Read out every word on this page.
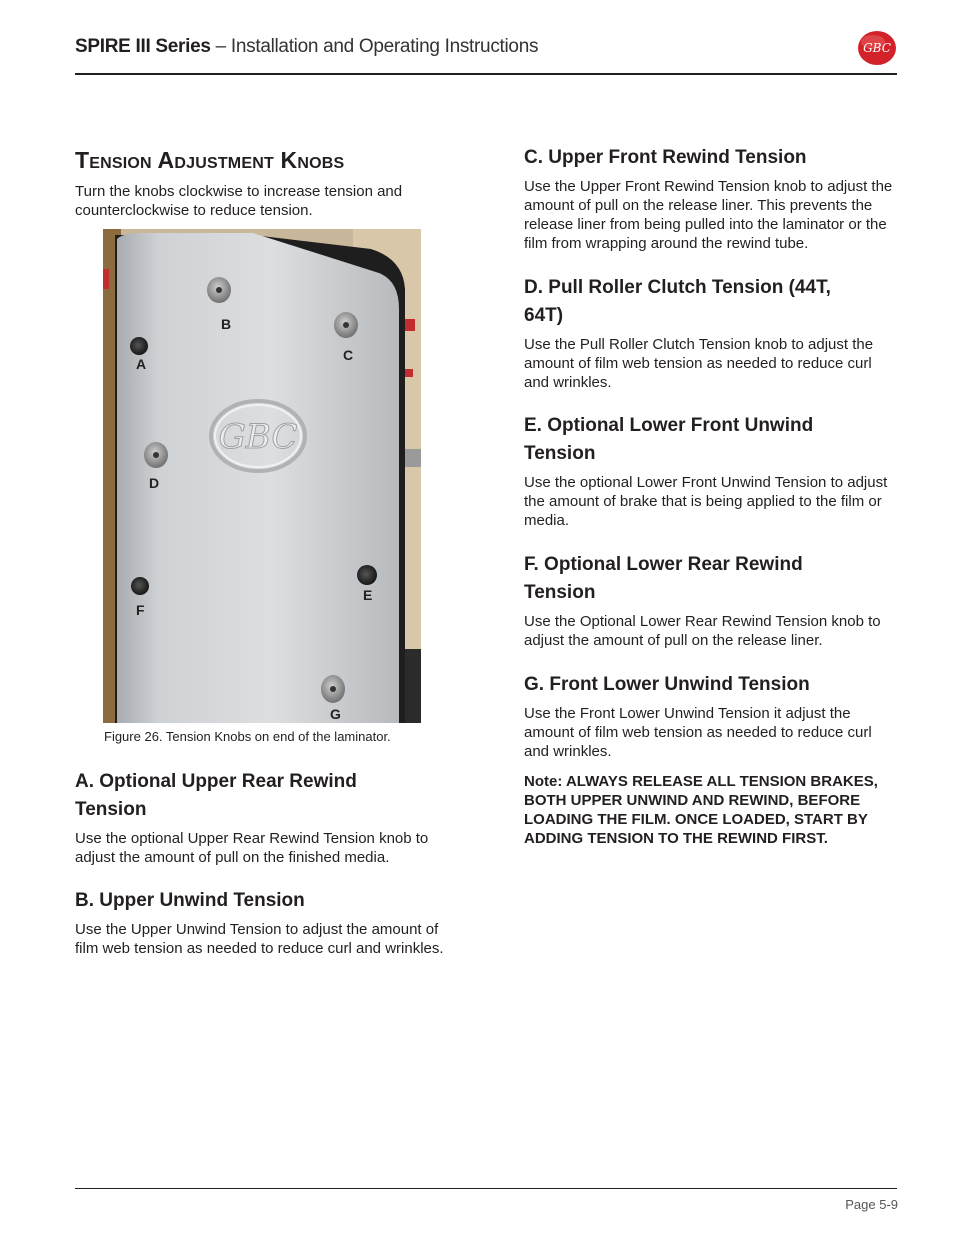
SPIRE III Series – Installation and Operating Instructions	GBC
Tension Adjustment Knobs

Turn the knobs clockwise to increase tension and counterclockwise to reduce tension.

GBC
B
A
C
D
E
F
G
Figure 26. Tension Knobs on end of the laminator.
A. Optional Upper Rear Rewind Tension

Use the optional Upper Rear Rewind Tension knob to adjust the amount of pull on the finished media.

B. Upper Unwind Tension

Use the Upper Unwind Tension to adjust the amount of film web tension as needed to reduce curl and wrinkles.

C. Upper Front Rewind Tension

Use the Upper Front Rewind Tension knob to adjust the amount of pull on the release liner. This prevents the release liner from being pulled into the laminator or the film from wrapping around the rewind tube.

D. Pull Roller Clutch Tension (44T, 64T)

Use the Pull Roller Clutch Tension knob to adjust the amount of film web tension as needed to reduce curl and wrinkles.

E. Optional Lower Front Unwind Tension

Use the optional Lower Front Unwind Tension to adjust the amount of brake that is being applied to the film or media.

F. Optional Lower Rear Rewind Tension

Use the Optional Lower Rear Rewind Tension knob to adjust the amount of pull on the release liner.

G. Front Lower Unwind Tension

Use the Front Lower Unwind Tension it adjust the amount of film web tension as needed to reduce curl and wrinkles.

Note: ALWAYS RELEASE ALL TENSION BRAKES, BOTH UPPER UNWIND AND REWIND, BEFORE LOADING THE FILM. ONCE LOADED, START BY ADDING TENSION TO THE REWIND FIRST.

Page 5-9
